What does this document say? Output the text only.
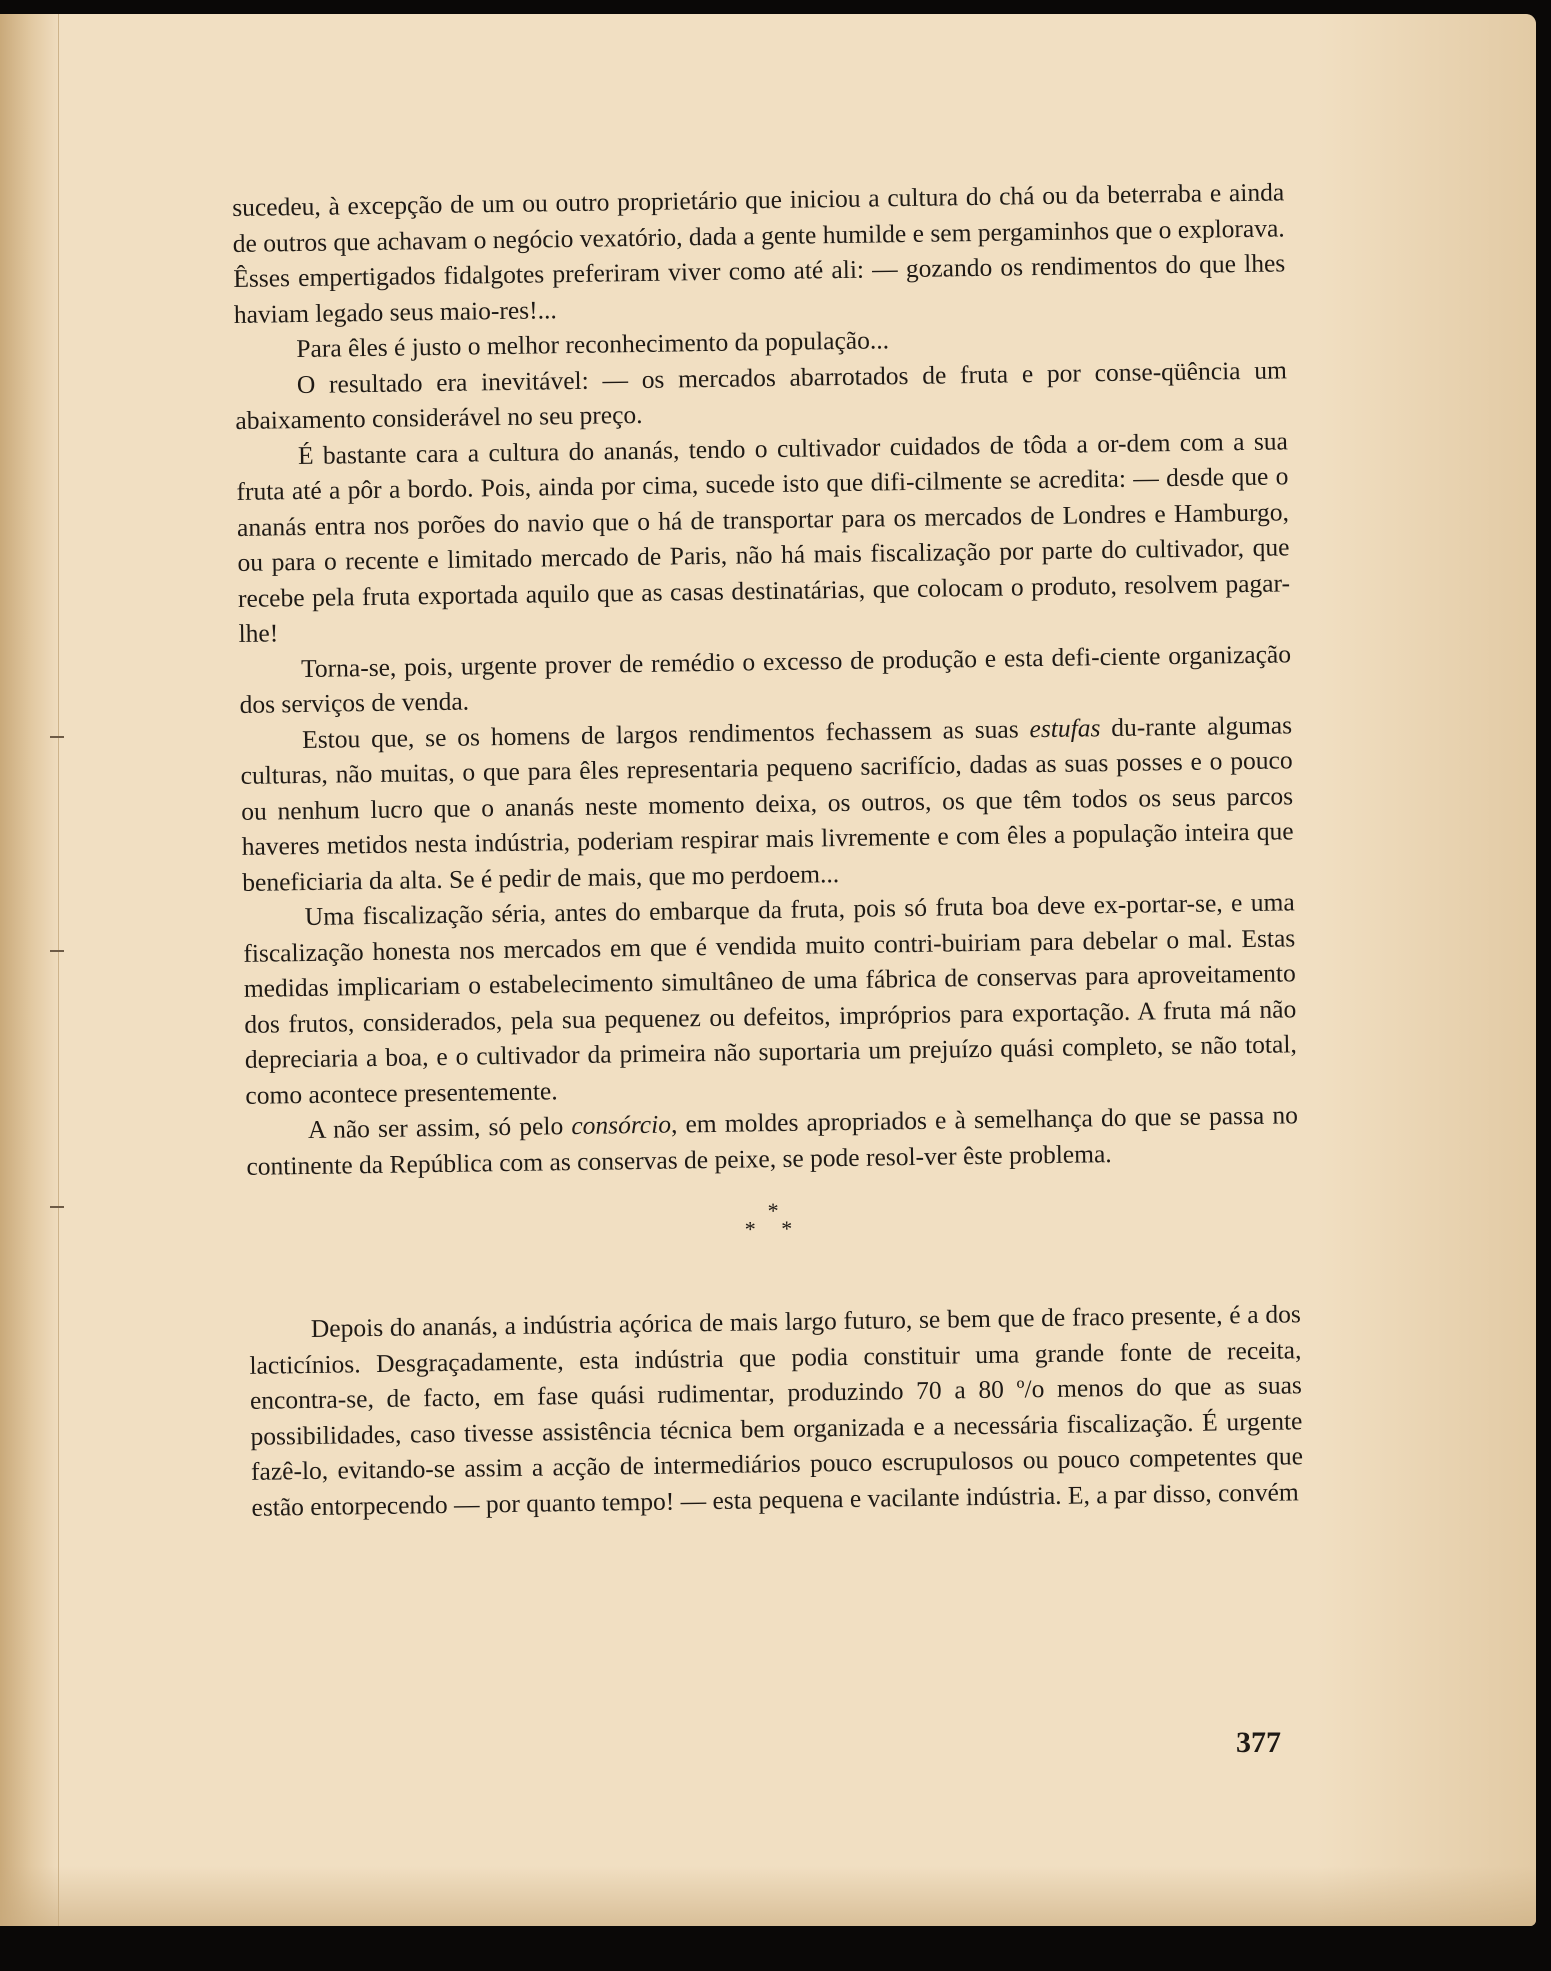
sucedeu, à excepção de um ou outro proprietário que iniciou a cultura do chá ou da beterraba e ainda de outros que achavam o negócio vexatório, dada a gente humilde e sem pergaminhos que o explorava. Êsses empertigados fidalgotes preferiram viver como até ali: — gozando os rendimentos do que lhes haviam legado seus maio-res!...

Para êles é justo o melhor reconhecimento da população...

O resultado era inevitável: — os mercados abarrotados de fruta e por conse-qüência um abaixamento considerável no seu preço.

É bastante cara a cultura do ananás, tendo o cultivador cuidados de tôda a or-dem com a sua fruta até a pôr a bordo. Pois, ainda por cima, sucede isto que difi-cilmente se acredita: — desde que o ananás entra nos porões do navio que o há de transportar para os mercados de Londres e Hamburgo, ou para o recente e limitado mercado de Paris, não há mais fiscalização por parte do cultivador, que recebe pela fruta exportada aquilo que as casas destinatárias, que colocam o produto, resolvem pagar-lhe!

Torna-se, pois, urgente prover de remédio o excesso de produção e esta defi-ciente organização dos serviços de venda.

Estou que, se os homens de largos rendimentos fechassem as suas estufas du-rante algumas culturas, não muitas, o que para êles representaria pequeno sacrifício, dadas as suas posses e o pouco ou nenhum lucro que o ananás neste momento deixa, os outros, os que têm todos os seus parcos haveres metidos nesta indústria, poderiam respirar mais livremente e com êles a população inteira que beneficiaria da alta. Se é pedir de mais, que mo perdoem...

Uma fiscalização séria, antes do embarque da fruta, pois só fruta boa deve ex-portar-se, e uma fiscalização honesta nos mercados em que é vendida muito contri-buiriam para debelar o mal. Estas medidas implicariam o estabelecimento simultâneo de uma fábrica de conservas para aproveitamento dos frutos, considerados, pela sua pequenez ou defeitos, impróprios para exportação. A fruta má não depreciaria a boa, e o cultivador da primeira não suportaria um prejuízo quási completo, se não total, como acontece presentemente.

A não ser assim, só pelo consórcio, em moldes apropriados e à semelhança do que se passa no continente da República com as conservas de peixe, se pode resol-ver êste problema.

*
* *

Depois do ananás, a indústria açórica de mais largo futuro, se bem que de fraco presente, é a dos lacticínios. Desgraçadamente, esta indústria que podia constituir uma grande fonte de receita, encontra-se, de facto, em fase quási rudimentar, produzindo 70 a 80 º/o menos do que as suas possibilidades, caso tivesse assistência técnica bem organizada e a necessária fiscalização. É urgente fazê-lo, evitando-se assim a acção de intermediários pouco escrupulosos ou pouco competentes que estão entorpecendo — por quanto tempo! — esta pequena e vacilante indústria. E, a par disso, convém

377
